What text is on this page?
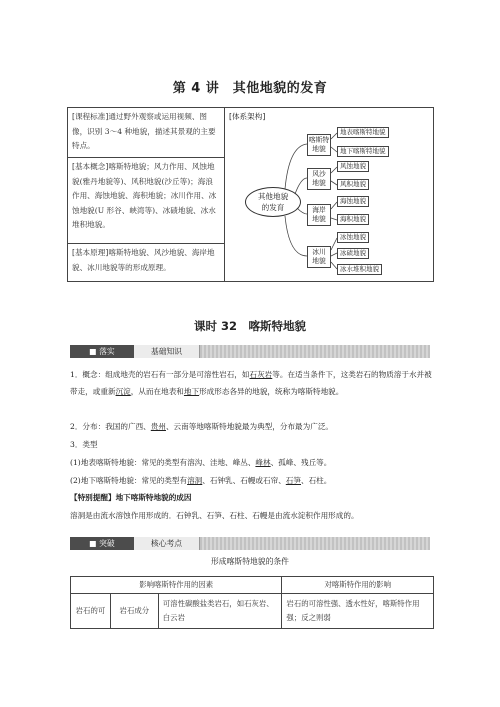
第 4 讲　其他地貌的发育
[课程标准]通过野外观察或运用视频、图像，识别 3～4 种地貌，描述其景观的主要特点。
[基本概念]喀斯特地貌；风力作用、风蚀地貌(雅丹地貌等)、风积地貌(沙丘等)；海浪作用、海蚀地貌、海积地貌；冰川作用、冰蚀地貌(U 形谷、峡湾等)、冰碛地貌、冰水堆积地貌。
[基本原理]喀斯特地貌、风沙地貌、海岸地貌、冰川地貌等的形成原理。
[体系架构]
其他地貌
的发育
喀斯特
地貌
地表喀斯特地貌
地下喀斯特地貌
风沙
地貌
风蚀地貌
风积地貌
海岸
地貌
海蚀地貌
海积地貌
冰川
地貌
冰蚀地貌
冰碛地貌
冰水堆积地貌
课时 32　喀斯特地貌
■ 落实	基础知识
1．概念：组成地壳的岩石有一部分是可溶性岩石，如石灰岩等。在适当条件下，这类岩石的物质溶于水并被带走，或重新沉淀，从而在地表和地下形成形态各异的地貌，统称为喀斯特地貌。
2．分布：我国的广西、贵州、云南等地喀斯特地貌最为典型，分布最为广泛。
3．类型
(1)地表喀斯特地貌：常见的类型有溶沟、洼地、峰丛、峰林、孤峰、残丘等。
(2)地下喀斯特地貌：常见的类型有溶洞、石钟乳、石幔或石帘、石笋、石柱。
【特别提醒】地下喀斯特地貌的成因
溶洞是由流水溶蚀作用形成的．石钟乳、石笋、石柱、石幔是由流水淀积作用形成的。
■ 突破	核心考点
形成喀斯特地貌的条件
影响喀斯特作用的因素			对喀斯特作用的影响
岩石的可	岩石成分	可溶性碳酸盐类岩石，如石灰岩、白云岩	岩石的可溶性强、透水性好，喀斯特作用强；反之则弱
